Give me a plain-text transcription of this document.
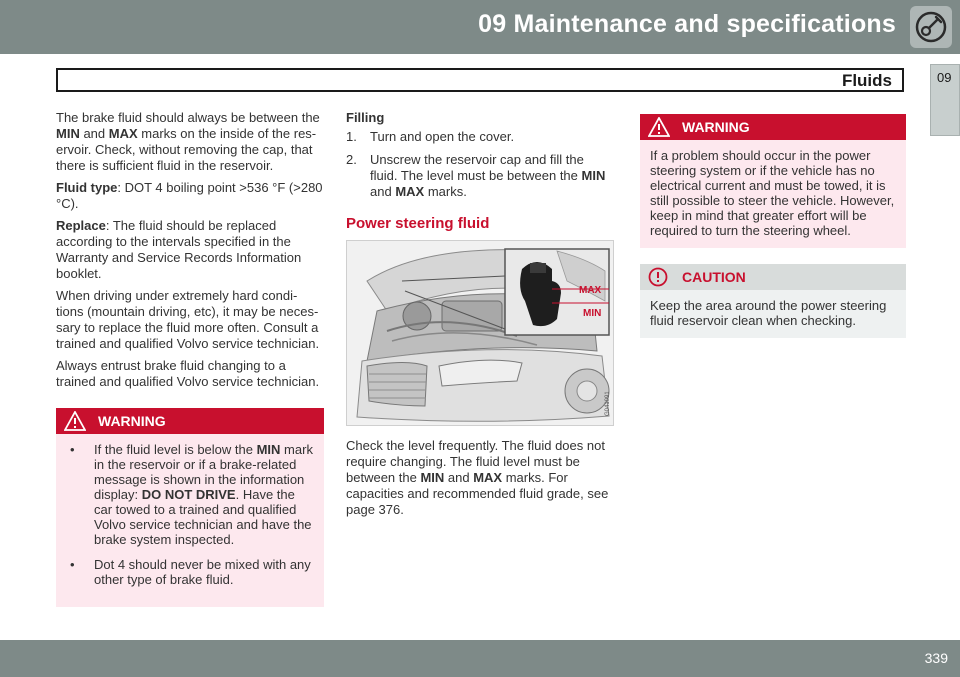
09 Maintenance and specifications
Fluids	09

The brake fluid should always be between the MIN and MAX marks on the inside of the res-ervoir. Check, without removing the cap, that there is sufficient fluid in the reservoir.

Fluid type: DOT 4 boiling point >536 °F (>280 °C).

Replace: The fluid should be replaced according to the intervals specified in the Warranty and Service Records Information booklet.

When driving under extremely hard condi-tions (mountain driving, etc), it may be neces-sary to replace the fluid more often. Consult a trained and qualified Volvo service technician.

Always entrust brake fluid changing to a trained and qualified Volvo service technician.

WARNING
• If the fluid level is below the MIN mark in the reservoir or if a brake-related message is shown in the information display: DO NOT DRIVE. Have the car towed to a trained and qualified Volvo service technician and have the brake system inspected.
• Dot 4 should never be mixed with any other type of brake fluid.
Filling
1. Turn and open the cover.
2. Unscrew the reservoir cap and fill the fluid. The level must be between the MIN and MAX marks.
Power steering fluid
MAX
MIN
G041091

Check the level frequently. The fluid does not require changing. The fluid level must be between the MIN and MAX marks. For capacities and recommended fluid grade, see page 376.

WARNING
If a problem should occur in the power steering system or if the vehicle has no electrical current and must be towed, it is still possible to steer the vehicle. However, keep in mind that greater effort will be required to turn the steering wheel.
CAUTION
Keep the area around the power steering fluid reservoir clean when checking.
339
